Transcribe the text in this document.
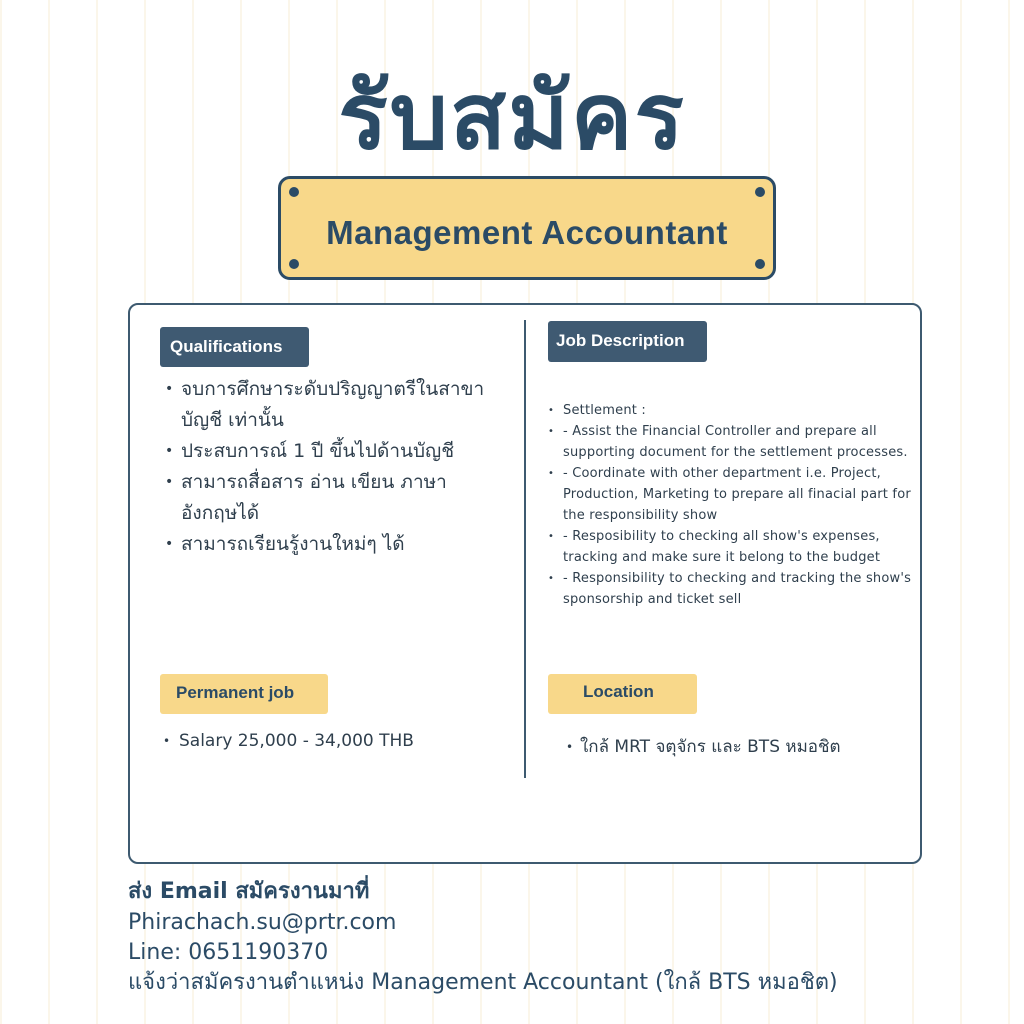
รับสมัคร
Management Accountant
Qualifications
• จบการศึกษาระดับปริญญาตรีในสาขาบัญชี เท่านั้น
• ประสบการณ์ 1 ปี ขึ้นไปด้านบัญชี
• สามารถสื่อสาร อ่าน เขียน ภาษาอังกฤษได้
• สามารถเรียนรู้งานใหม่ๆ ได้
Job Description
• Settlement :
• - Assist the Financial Controller and prepare all supporting document for the settlement processes.
• - Coordinate with other department i.e. Project, Production, Marketing to prepare all finacial part for the responsibility show
• - Resposibility to checking all show's expenses, tracking and make sure it belong to the budget
• - Responsibility to checking and tracking the show's sponsorship and ticket sell
Permanent job
• Salary 25,000 - 34,000 THB
Location
• ใกล้ MRT จตุจักร และ BTS หมอชิต
ส่ง Email สมัครงานมาที่
Phirachach.su@prtr.com
Line: 0651190370
แจ้งว่าสมัครงานตำแหน่ง Management Accountant (ใกล้ BTS หมอชิต)
